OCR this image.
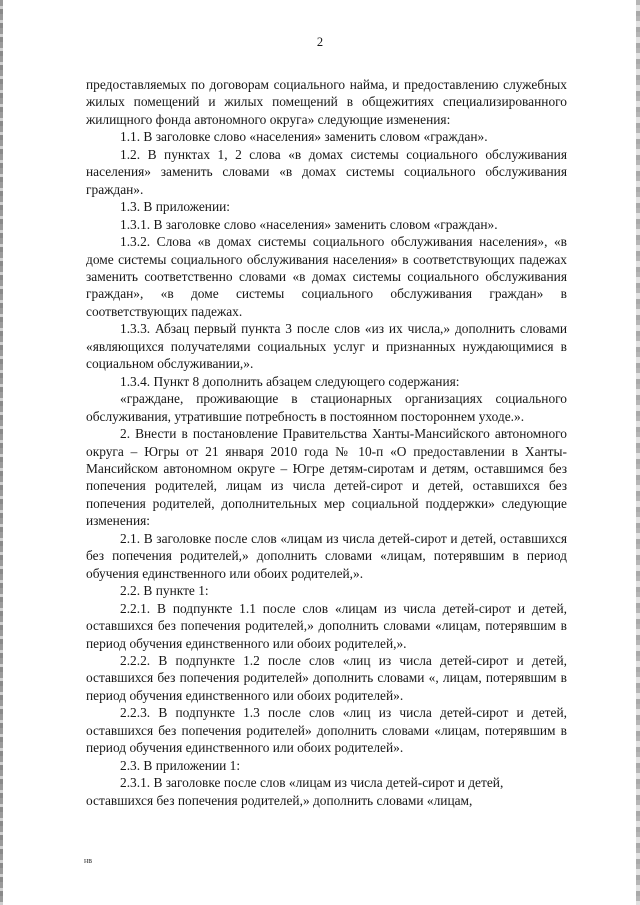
2

предоставляемых по договорам социального найма, и предоставлению служебных жилых помещений и жилых помещений в общежитиях специализированного жилищного фонда автономного округа» следующие изменения:

1.1. В заголовке слово «населения» заменить словом «граждан».

1.2. В пунктах 1, 2 слова «в домах системы социального обслуживания населения» заменить словами «в домах системы социального обслуживания граждан».

1.3. В приложении:

1.3.1. В заголовке слово «населения» заменить словом «граждан».

1.3.2. Слова «в домах системы социального обслуживания населения», «в доме системы социального обслуживания населения» в соответствующих падежах заменить соответственно словами «в домах системы социального обслуживания граждан», «в доме системы социального обслуживания граждан» в соответствующих падежах.

1.3.3. Абзац первый пункта 3 после слов «из их числа,» дополнить словами «являющихся получателями социальных услуг и признанных нуждающимися в социальном обслуживании,».

1.3.4. Пункт 8 дополнить абзацем следующего содержания:

«граждане, проживающие в стационарных организациях социального обслуживания, утратившие потребность в постоянном постороннем уходе.».

2. Внести в постановление Правительства Ханты-Мансийского автономного округа – Югры от 21 января 2010 года № 10-п «О предоставлении в Ханты-Мансийском автономном округе – Югре детям-сиротам и детям, оставшимся без попечения родителей, лицам из числа детей-сирот и детей, оставшихся без попечения родителей, дополнительных мер социальной поддержки» следующие изменения:

2.1. В заголовке после слов «лицам из числа детей-сирот и детей, оставшихся без попечения родителей,» дополнить словами «лицам, потерявшим в период обучения единственного или обоих родителей,».

2.2. В пункте 1:

2.2.1. В подпункте 1.1 после слов «лицам из числа детей-сирот и детей, оставшихся без попечения родителей,» дополнить словами «лицам, потерявшим в период обучения единственного или обоих родителей,».

2.2.2. В подпункте 1.2 после слов «лиц из числа детей-сирот и детей, оставшихся без попечения родителей» дополнить словами «, лицам, потерявшим в период обучения единственного или обоих родителей».

2.2.3. В подпункте 1.3 после слов «лиц из числа детей-сирот и детей, оставшихся без попечения родителей» дополнить словами «лицам, потерявшим в период обучения единственного или обоих родителей».

2.3. В приложении 1:

2.3.1. В заголовке после слов «лицам из числа детей-сирот и детей, оставшихся без попечения родителей,» дополнить словами «лицам,

нв
